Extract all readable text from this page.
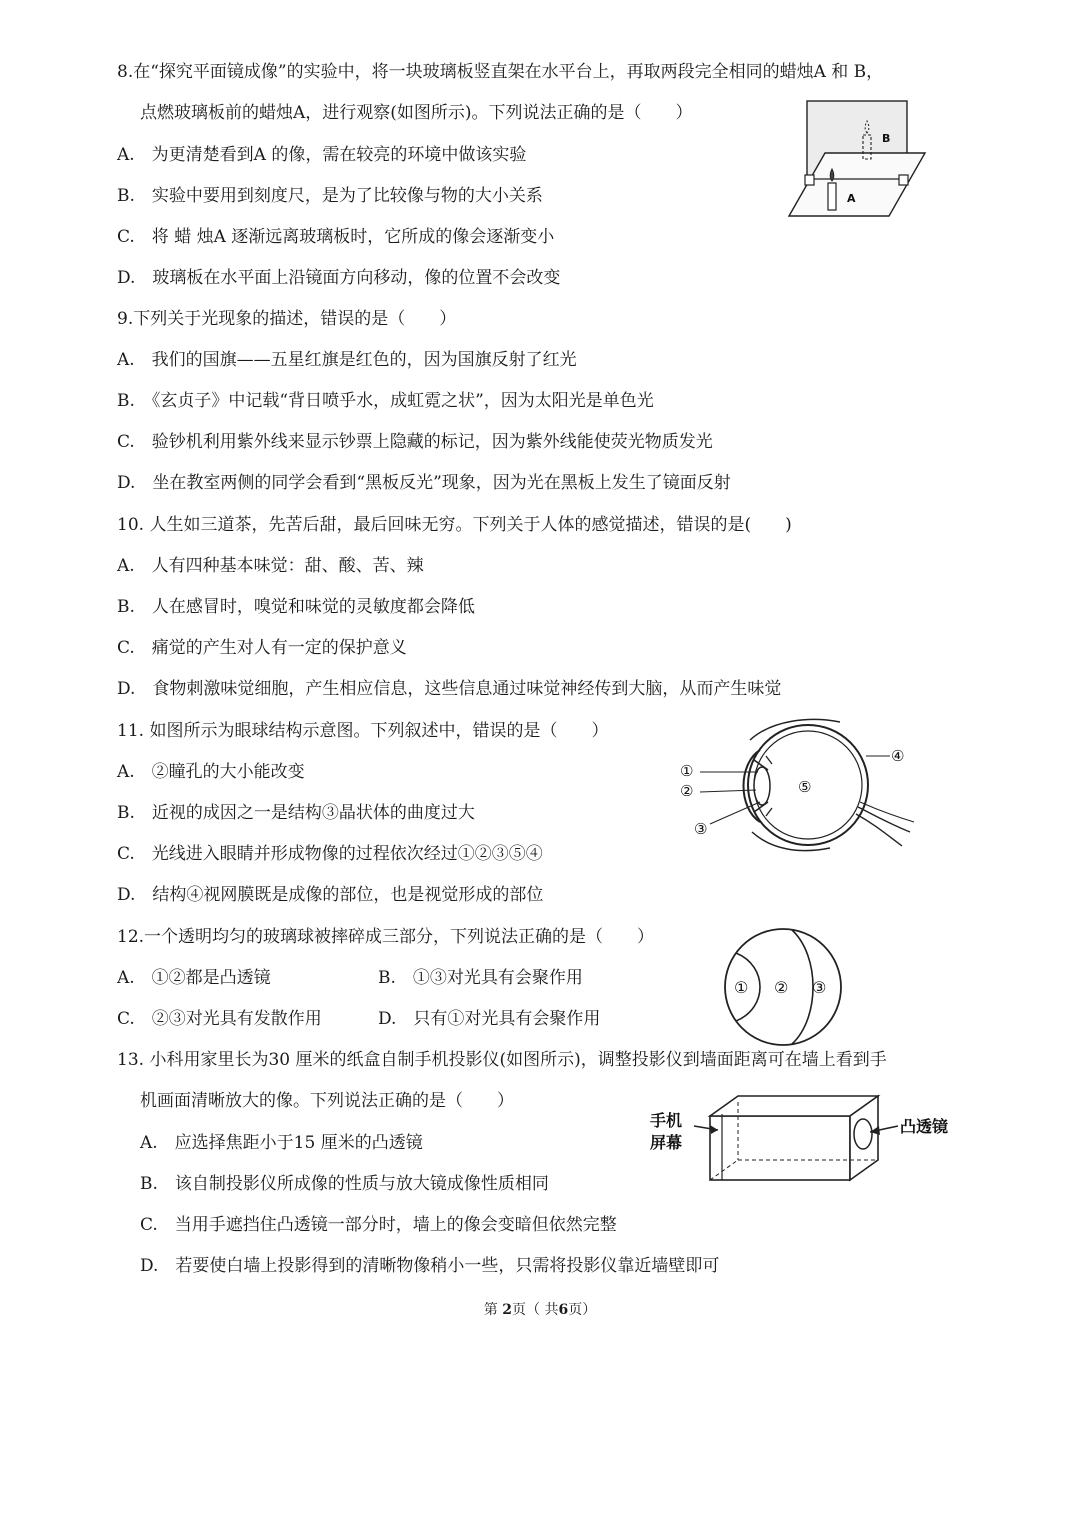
8.在“探究平面镜成像”的实验中，将一块玻璃板竖直架在水平台上，再取两段完全相同的蜡烛A 和 B，
点燃玻璃板前的蜡烛A，进行观察(如图所示)。下列说法正确的是（　　）
A.　为更清楚看到A 的像，需在较亮的环境中做该实验
B.　实验中要用到刻度尺，是为了比较像与物的大小关系
C.　将 蜡 烛A 逐渐远离玻璃板时，它所成的像会逐渐变小
D.　玻璃板在水平面上沿镜面方向移动，像的位置不会改变
B
A
9.下列关于光现象的描述，错误的是（　　）
A.　我们的国旗——五星红旗是红色的，因为国旗反射了红光
B.　《玄贞子》中记载“背日喷乎水，成虹霓之状”，因为太阳光是单色光
C.　验钞机利用紫外线来显示钞票上隐藏的标记，因为紫外线能使荧光物质发光
D.　坐在教室两侧的同学会看到“黑板反光”现象，因为光在黑板上发生了镜面反射
10. 人生如三道茶，先苦后甜，最后回味无穷。下列关于人体的感觉描述，错误的是(　　)
A.　人有四种基本味觉：甜、酸、苦、辣
B.　人在感冒时，嗅觉和味觉的灵敏度都会降低
C.　痛觉的产生对人有一定的保护意义
D.　食物刺激味觉细胞，产生相应信息，这些信息通过味觉神经传到大脑，从而产生味觉
11. 如图所示为眼球结构示意图。下列叙述中，错误的是（　　）
A.　②瞳孔的大小能改变
B.　近视的成因之一是结构③晶状体的曲度过大
C.　光线进入眼睛并形成物像的过程依次经过①②③⑤④
D.　结构④视网膜既是成像的部位，也是视觉形成的部位
①
②
③
④
⑤
12.一个透明均匀的玻璃球被摔碎成三部分，下列说法正确的是（　　）
A.　①②都是凸透镜	B.　①③对光具有会聚作用
C.　②③对光具有发散作用	D.　只有①对光具有会聚作用
① ② ③
13. 小科用家里长为30 厘米的纸盒自制手机投影仪(如图所示)，调整投影仪到墙面距离可在墙上看到手
机画面清晰放大的像。下列说法正确的是（　　）
A.　应选择焦距小于15 厘米的凸透镜
B.　该自制投影仪所成像的性质与放大镜成像性质相同
C.　当用手遮挡住凸透镜一部分时，墙上的像会变暗但依然完整
D.　若要使白墙上投影得到的清晰物像稍小一些，只需将投影仪靠近墙壁即可
手机
屏幕
凸透镜
第 2页（ 共6页）
